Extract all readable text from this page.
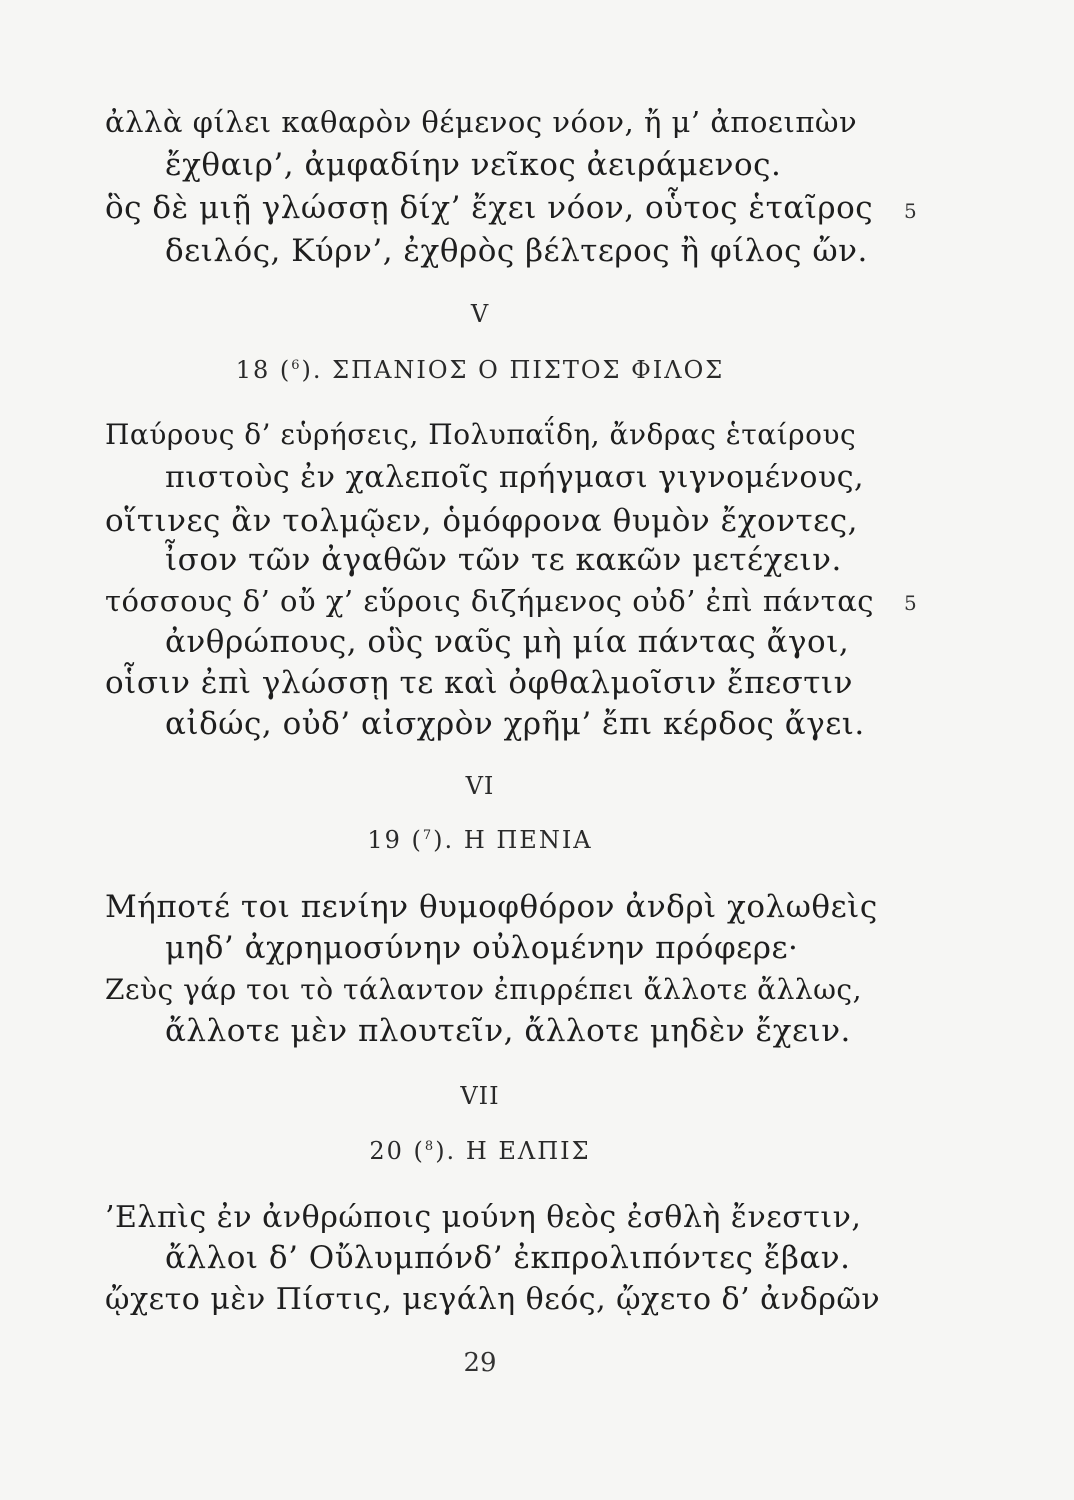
ἀλλὰ φίλει καθαρὸν θέμενος νόον, ἤ μ’ ἀποειπὼν
ἔχθαιρ’, ἀμφαδίην νεῖκος ἀειράμενος.
ὃς δὲ μιῇ γλώσσῃ δίχ’ ἔχει νόον, οὗτος ἑταῖρος 5
δειλός, Κύρν’, ἐχθρὸς βέλτερος ἢ φίλος ὤν.
V
18 ($^6$). ΣΠΑΝΙΟΣ Ο ΠΙΣΤΟΣ ΦΙΛΟΣ
Παύρους δ’ εὑρήσεις, Πολυπαΐδη, ἄνδρας ἑταίρους
πιστοὺς ἐν χαλεποῖς πρήγμασι γιγνομένους,
οἵτινες ἂν τολμῷεν, ὁμόφρονα θυμὸν ἔχοντες,
ἶσον τῶν ἀγαθῶν τῶν τε κακῶν μετέχειν.
τόσσους δ’ οὔ χ’ εὕροις διζήμενος οὐδ’ ἐπὶ πάντας 5
ἀνθρώπους, οὓς ναῦς μὴ μία πάντας ἄγοι,
οἷσιν ἐπὶ γλώσσῃ τε καὶ ὀφθαλμοῖσιν ἔπεστιν
αἰδώς, οὐδ’ αἰσχρὸν χρῆμ’ ἔπι κέρδος ἄγει.
VI
19 ($^7$). Η ΠΕΝΙΑ
Μήποτέ τοι πενίην θυμοφθόρον ἀνδρὶ χολωθεὶς
μηδ’ ἀχρημοσύνην οὐλομένην πρόφερε·
Ζεὺς γάρ τοι τὸ τάλαντον ἐπιρρέπει ἄλλοτε ἄλλως,
ἄλλοτε μὲν πλουτεῖν, ἄλλοτε μηδὲν ἔχειν.
VII
20 ($^8$). Η ΕΛΠΙΣ
’Ελπὶς ἐν ἀνθρώποις μούνη θεὸς ἐσθλὴ ἔνεστιν,
ἄλλοι δ’ Οὔλυμπόνδ’ ἐκπρολιπόντες ἔβαν.
ᾤχετο μὲν Πίστις, μεγάλη θεός, ᾤχετο δ’ ἀνδρῶν
29
